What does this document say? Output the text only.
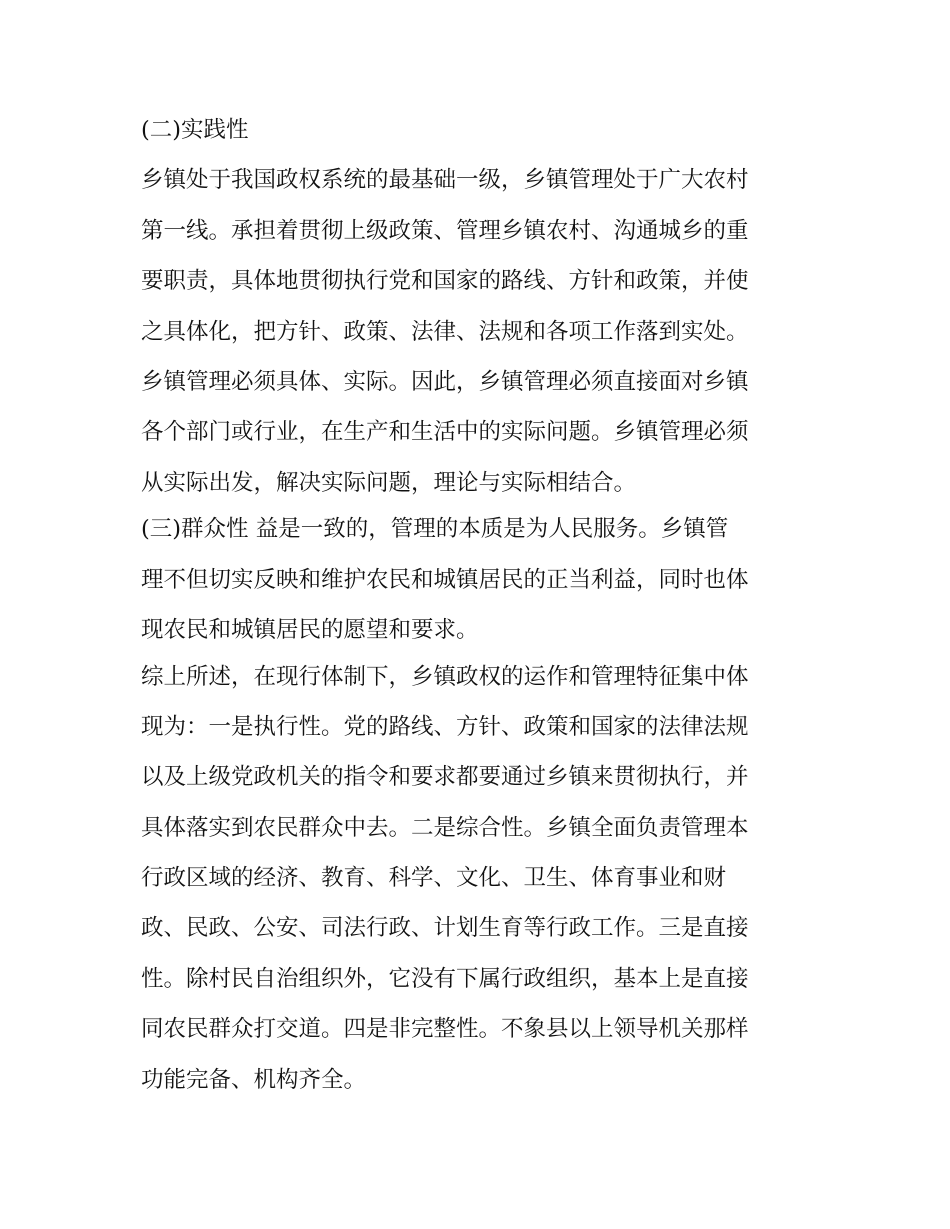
(二)实践性
乡镇处于我国政权系统的最基础一级，乡镇管理处于广大农村
第一线。承担着贯彻上级政策、管理乡镇农村、沟通城乡的重
要职责，具体地贯彻执行党和国家的路线、方针和政策，并使
之具体化，把方针、政策、法律、法规和各项工作落到实处。
乡镇管理必须具体、实际。因此，乡镇管理必须直接面对乡镇
各个部门或行业，在生产和生活中的实际问题。乡镇管理必须
从实际出发，解决实际问题，理论与实际相结合。
(三)群众性 益是一致的，管理的本质是为人民服务。乡镇管
理不但切实反映和维护农民和城镇居民的正当利益，同时也体
现农民和城镇居民的愿望和要求。
综上所述，在现行体制下，乡镇政权的运作和管理特征集中体
现为：一是执行性。党的路线、方针、政策和国家的法律法规
以及上级党政机关的指令和要求都要通过乡镇来贯彻执行，并
具体落实到农民群众中去。二是综合性。乡镇全面负责管理本
行政区域的经济、教育、科学、文化、卫生、体育事业和财
政、民政、公安、司法行政、计划生育等行政工作。三是直接
性。除村民自治组织外，它没有下属行政组织，基本上是直接
同农民群众打交道。四是非完整性。不象县以上领导机关那样
功能完备、机构齐全。
